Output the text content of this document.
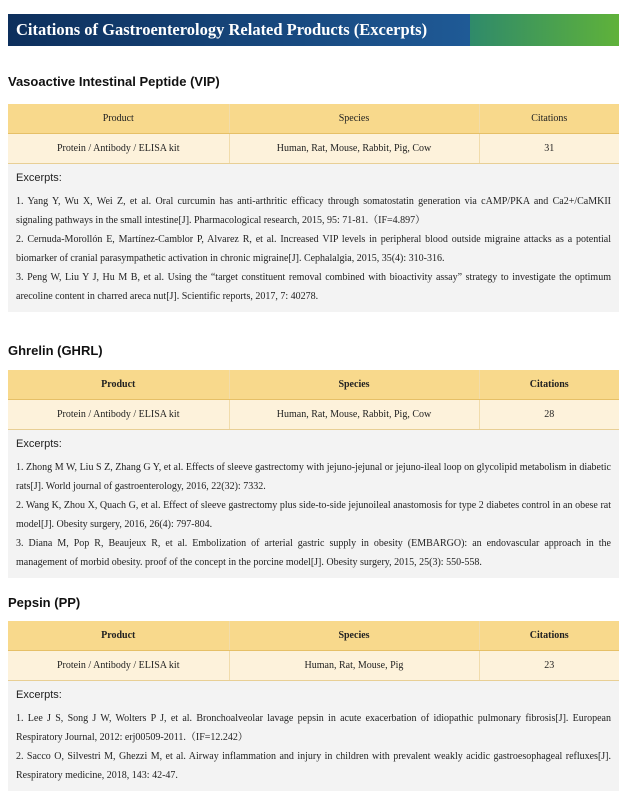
Citations of Gastroenterology Related Products (Excerpts)
Vasoactive Intestinal Peptide (VIP)
Product	Species	Citations
Protein / Antibody / ELISA kit	Human, Rat, Mouse, Rabbit, Pig, Cow	31
Excerpts:
1. Yang Y, Wu X, Wei Z, et al. Oral curcumin has anti-arthritic efficacy through somatostatin generation via cAMP/PKA and Ca2+/CaMKII signaling pathways in the small intestine[J]. Pharmacological research, 2015, 95: 71-81.（IF=4.897）
2. Cernuda-Morollón E, Martínez-Camblor P, Alvarez R, et al. Increased VIP levels in peripheral blood outside migraine attacks as a potential biomarker of cranial parasympathetic activation in chronic migraine[J]. Cephalalgia, 2015, 35(4): 310-316.
3. Peng W, Liu Y J, Hu M B, et al. Using the “target constituent removal combined with bioactivity assay” strategy to investigate the optimum arecoline content in charred areca nut[J]. Scientific reports, 2017, 7: 40278.
Ghrelin (GHRL)
Product	Species	Citations
Protein / Antibody / ELISA kit	Human, Rat, Mouse, Rabbit, Pig, Cow	28
Excerpts:
1. Zhong M W, Liu S Z, Zhang G Y, et al. Effects of sleeve gastrectomy with jejuno-jejunal or jejuno-ileal loop on glycolipid metabolism in diabetic rats[J]. World journal of gastroenterology, 2016, 22(32): 7332.
2. Wang K, Zhou X, Quach G, et al. Effect of sleeve gastrectomy plus side-to-side jejunoileal anastomosis for type 2 diabetes control in an obese rat model[J]. Obesity surgery, 2016, 26(4): 797-804.
3. Diana M, Pop R, Beaujeux R, et al. Embolization of arterial gastric supply in obesity (EMBARGO): an endovascular approach in the management of morbid obesity. proof of the concept in the porcine model[J]. Obesity surgery, 2015, 25(3): 550-558.
Pepsin (PP)
Product	Species	Citations
Protein / Antibody / ELISA kit	Human, Rat, Mouse, Pig	23
Excerpts:
1. Lee J S, Song J W, Wolters P J, et al. Bronchoalveolar lavage pepsin in acute exacerbation of idiopathic pulmonary fibrosis[J]. European Respiratory Journal, 2012: erj00509-2011.（IF=12.242）
2. Sacco O, Silvestri M, Ghezzi M, et al. Airway inflammation and injury in children with prevalent weakly acidic gastroesophageal refluxes[J]. Respiratory medicine, 2018, 143: 42-47.
